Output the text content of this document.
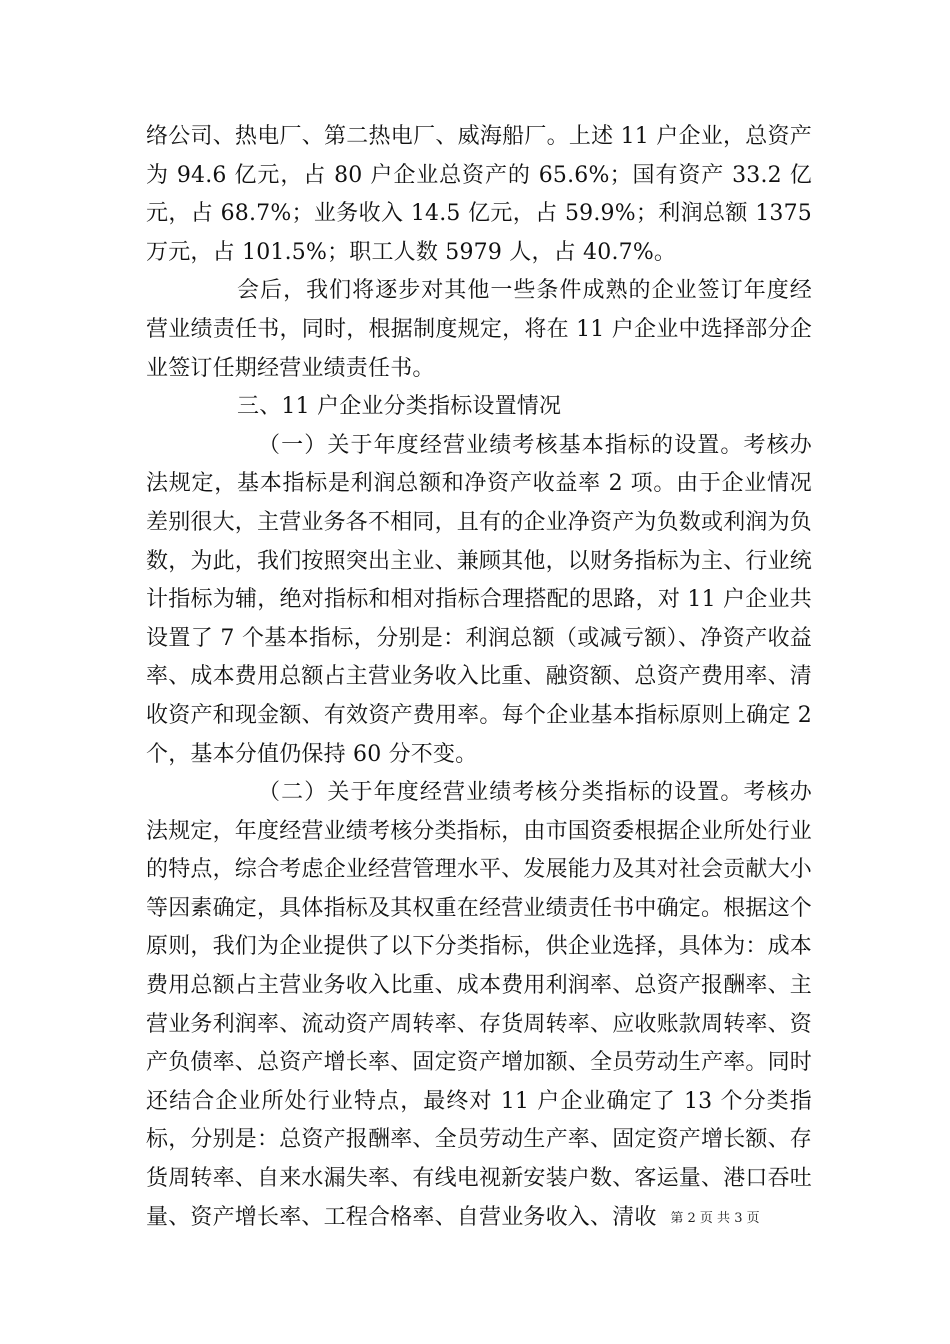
络公司、热电厂、第二热电厂、威海船厂。上述 11 户企业，总资产为 94.6 亿元，占 80 户企业总资产的 65.6%；国有资产 33.2 亿元，占 68.7%；业务收入 14.5 亿元，占 59.9%；利润总额 1375 万元，占 101.5%；职工人数 5979 人，占 40.7%。

会后，我们将逐步对其他一些条件成熟的企业签订年度经营业绩责任书，同时，根据制度规定，将在 11 户企业中选择部分企业签订任期经营业绩责任书。

三、11 户企业分类指标设置情况

（一）关于年度经营业绩考核基本指标的设置。考核办法规定，基本指标是利润总额和净资产收益率 2 项。由于企业情况差别很大，主营业务各不相同，且有的企业净资产为负数或利润为负数，为此，我们按照突出主业、兼顾其他，以财务指标为主、行业统计指标为辅，绝对指标和相对指标合理搭配的思路，对 11 户企业共设置了 7 个基本指标，分别是：利润总额（或减亏额）、净资产收益率、成本费用总额占主营业务收入比重、融资额、总资产费用率、清收资产和现金额、有效资产费用率。每个企业基本指标原则上确定 2 个，基本分值仍保持 60 分不变。

（二）关于年度经营业绩考核分类指标的设置。考核办法规定，年度经营业绩考核分类指标，由市国资委根据企业所处行业的特点，综合考虑企业经营管理水平、发展能力及其对社会贡献大小等因素确定，具体指标及其权重在经营业绩责任书中确定。根据这个原则，我们为企业提供了以下分类指标，供企业选择，具体为：成本费用总额占主营业务收入比重、成本费用利润率、总资产报酬率、主营业务利润率、流动资产周转率、存货周转率、应收账款周转率、资产负债率、总资产增长率、固定资产增加额、全员劳动生产率。同时还结合企业所处行业特点，最终对 11 户企业确定了 13 个分类指标，分别是：总资产报酬率、全员劳动生产率、固定资产增长额、存货周转率、自来水漏失率、有线电视新安装户数、客运量、港口吞吐量、资产增长率、工程合格率、自营业务收入、清收	第 2 页 共 3 页
